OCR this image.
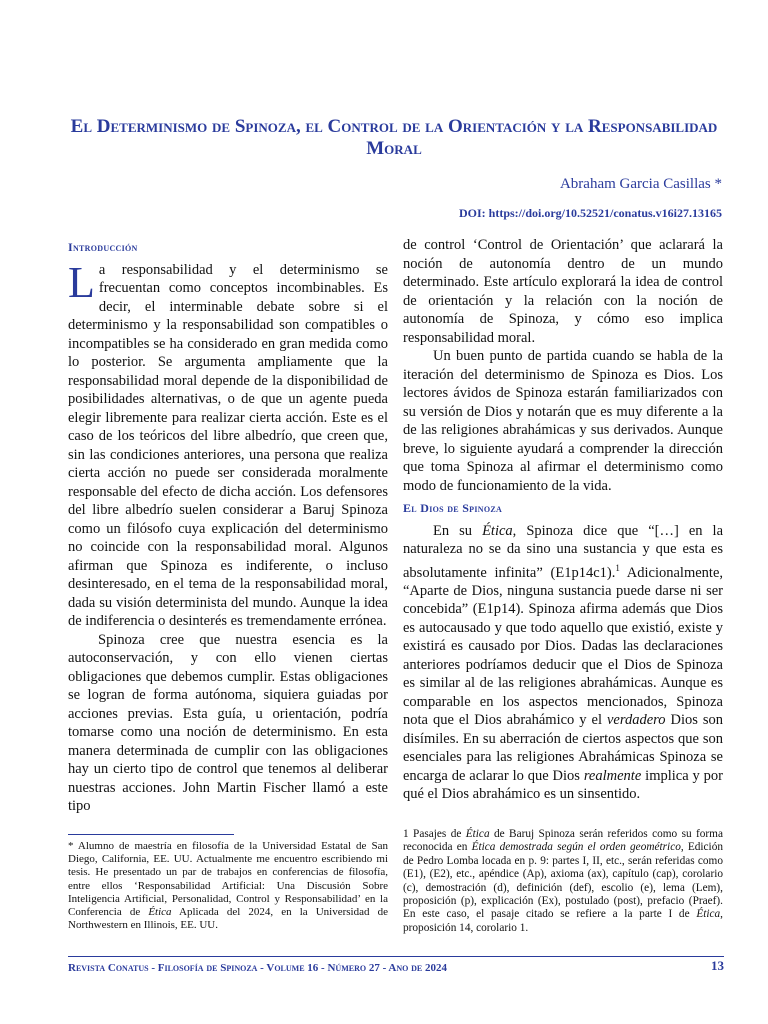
El Determinismo de Spinoza, el Control de la Orientación y la Responsabilidad Moral
Abraham Garcia Casillas *
DOI: https://doi.org/10.52521/conatus.v16i27.13165
Introducción

La responsabilidad y el determinismo se frecuentan como conceptos incombinables. Es decir, el interminable debate sobre si el determinismo y la responsabilidad son compatibles o incompatibles se ha considerado en gran medida como lo posterior. Se argumenta ampliamente que la responsabilidad moral depende de la disponibilidad de posibilidades alternativas, o de que un agente pueda elegir libremente para realizar cierta acción. Este es el caso de los teóricos del libre albedrío, que creen que, sin las condiciones anteriores, una persona que realiza cierta acción no puede ser considerada moralmente responsable del efecto de dicha acción. Los defensores del libre albedrío suelen considerar a Baruj Spinoza como un filósofo cuya explicación del determinismo no coincide con la responsabilidad moral. Algunos afirman que Spinoza es indiferente, o incluso desinteresado, en el tema de la responsabilidad moral, dada su visión determinista del mundo. Aunque la idea de indiferencia o desinterés es tremendamente errónea.

Spinoza cree que nuestra esencia es la autoconservación, y con ello vienen ciertas obligaciones que debemos cumplir. Estas obligaciones se logran de forma autónoma, siquiera guiadas por acciones previas. Esta guía, u orientación, podría tomarse como una noción de determinismo. En esta manera determinada de cumplir con las obligaciones hay un cierto tipo de control que tenemos al deliberar nuestras acciones. John Martin Fischer llamó a este tipo

de control ‘Control de Orientación’ que aclarará la noción de autonomía dentro de un mundo determinado. Este artículo explorará la idea de control de orientación y la relación con la noción de autonomía de Spinoza, y cómo eso implica responsabilidad moral.

Un buen punto de partida cuando se habla de la iteración del determinismo de Spinoza es Dios. Los lectores ávidos de Spinoza estarán familiarizados con su versión de Dios y notarán que es muy diferente a la de las religiones abrahámicas y sus derivados. Aunque breve, lo siguiente ayudará a comprender la dirección que toma Spinoza al afirmar el determinismo como modo de funcionamiento de la vida.

El Dios de Spinoza

En su Ética, Spinoza dice que “[…] en la naturaleza no se da sino una sustancia y que esta es absolutamente infinita” (E1p14c1).$^1$ Adicionalmente, “Aparte de Dios, ninguna sustancia puede darse ni ser concebida” (E1p14). Spinoza afirma además que Dios es autocausado y que todo aquello que existió, existe y existirá es causado por Dios. Dadas las declaraciones anteriores podríamos deducir que el Dios de Spinoza es similar al de las religiones abrahámicas. Aunque es comparable en los aspectos mencionados, Spinoza nota que el Dios abrahámico y el verdadero Dios son disímiles. En su aberración de ciertos aspectos que son esenciales para las religiones Abrahámicas Spinoza se encarga de aclarar lo que Dios realmente implica y por qué el Dios abrahámico es un sinsentido.

* Alumno de maestría en filosofía de la Universidad Estatal de San Diego, California, EE. UU. Actualmente me encuentro escribiendo mi tesis. He presentado un par de trabajos en conferencias de filosofía, entre ellos ‘Responsabilidad Artificial: Una Discusión Sobre Inteligencia Artificial, Personalidad, Control y Responsabilidad’ en la Conferencia de Ética Aplicada del 2024, en la Universidad de Northwestern en Illinois, EE. UU.
1 Pasajes de Ética de Baruj Spinoza serán referidos como su forma reconocida en Ética demostrada según el orden geométrico, Edición de Pedro Lomba locada en p. 9: partes I, II, etc., serán referidas como (E1), (E2), etc., apéndice (Ap), axioma (ax), capítulo (cap), corolario (c), demostración (d), definición (def), escolio (e), lema (Lem), proposición (p), explicación (Ex), postulado (post), prefacio (Praef). En este caso, el pasaje citado se refiere a la parte I de Ética, proposición 14, corolario 1.
Revista Conatus - Filosofía de Spinoza - Volume 16 - Número 27 - Ano de 2024	13
